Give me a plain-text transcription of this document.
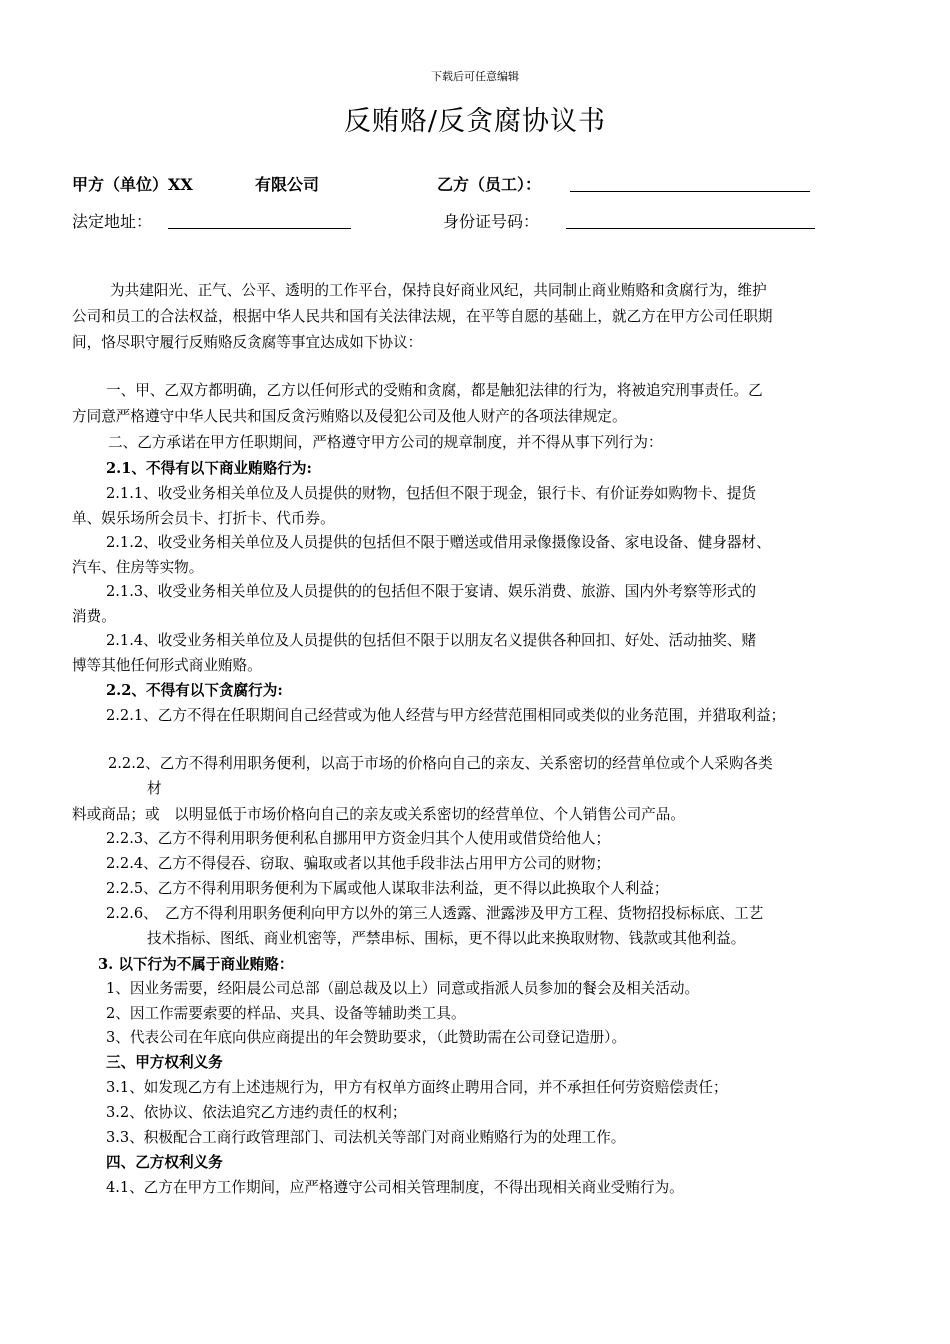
下载后可任意编辑
反贿赂/反贪腐协议书
甲方（单位）XX	有限公司	乙方（员工）：
法定地址：	身份证号码：
为共建阳光、正气、公平、透明的工作平台，保持良好商业风纪，共同制止商业贿赂和贪腐行为，维护
公司和员工的合法权益，根据中华人民共和国有关法律法规，在平等自愿的基础上，就乙方在甲方公司任职期
间，恪尽职守履行反贿赂反贪腐等事宜达成如下协议：
一、甲、乙双方都明确，乙方以任何形式的受贿和贪腐，都是触犯法律的行为，将被追究刑事责任。乙
方同意严格遵守中华人民共和国反贪污贿赂以及侵犯公司及他人财产的各项法律规定。
二、乙方承诺在甲方任职期间，严格遵守甲方公司的规章制度，并不得从事下列行为：
2.1、不得有以下商业贿赂行为:
2.1.1、收受业务相关单位及人员提供的财物，包括但不限于现金，银行卡、有价证券如购物卡、提货
单、娱乐场所会员卡、打折卡、代币券。
2.1.2、收受业务相关单位及人员提供的包括但不限于赠送或借用录像摄像设备、家电设备、健身器材、
汽车、住房等实物。
2.1.3、收受业务相关单位及人员提供的的包括但不限于宴请、娱乐消费、旅游、国内外考察等形式的
消费。
2.1.4、收受业务相关单位及人员提供的包括但不限于以朋友名义提供各种回扣、好处、活动抽奖、赌
博等其他任何形式商业贿赂。
2.2、不得有以下贪腐行为:
2.2.1、乙方不得在任职期间自己经营或为他人经营与甲方经营范围相同或类似的业务范围，并猎取利益；
2.2.2、乙方不得利用职务便利，以高于市场的价格向自己的亲友、关系密切的经营单位或个人采购各类
材
料或商品；或　以明显低于市场价格向自己的亲友或关系密切的经营单位、个人销售公司产品。
2.2.3、乙方不得利用职务便利私自挪用甲方资金归其个人使用或借贷给他人；
2.2.4、乙方不得侵吞、窃取、骗取或者以其他手段非法占用甲方公司的财物；
2.2.5、乙方不得利用职务便利为下属或他人谋取非法利益，更不得以此换取个人利益；
2.2.6、　乙方不得利用职务便利向甲方以外的第三人透露、泄露涉及甲方工程、货物招投标标底、工艺
技术指标、图纸、商业机密等，严禁串标、围标，更不得以此来换取财物、钱款或其他利益。
3. 以下行为不属于商业贿赂：
1、因业务需要，经阳晨公司总部（副总裁及以上）同意或指派人员参加的餐会及相关活动。
2、因工作需要索要的样品、夹具、设备等辅助类工具。
3、代表公司在年底向供应商提出的年会赞助要求，（此赞助需在公司登记造册）。
三、甲方权利义务
3.1、如发现乙方有上述违规行为，甲方有权单方面终止聘用合同，并不承担任何劳资赔偿责任；
3.2、依协议、依法追究乙方违约责任的权利；
3.3、积极配合工商行政管理部门、司法机关等部门对商业贿赂行为的处理工作。
四、乙方权利义务
4.1、乙方在甲方工作期间，应严格遵守公司相关管理制度，不得出现相关商业受贿行为。
